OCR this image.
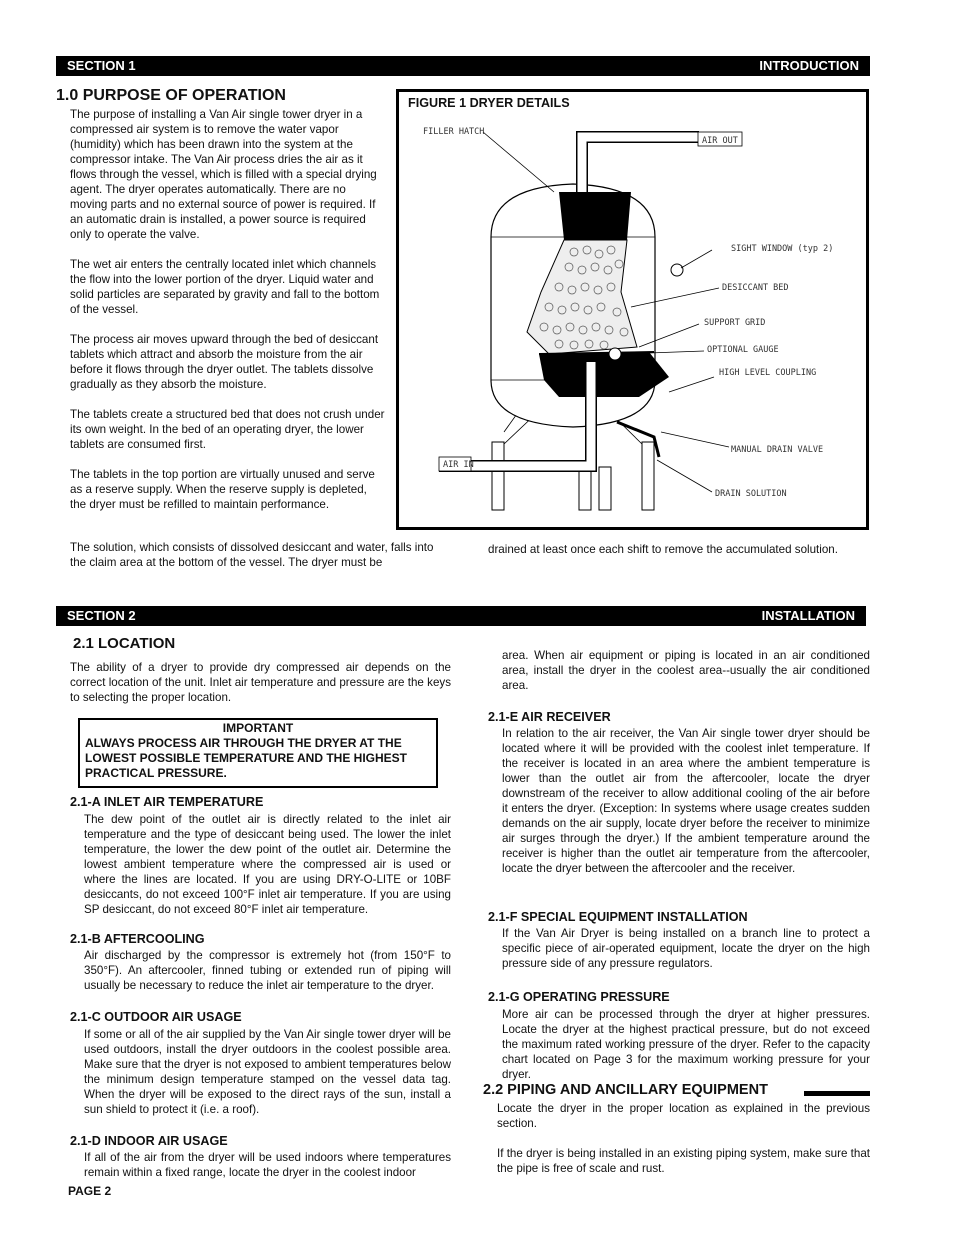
SECTION 1	INTRODUCTION
1.0 PURPOSE OF OPERATION

The purpose of installing a Van Air single tower dryer in a compressed air system is to remove the water vapor (humidity) which has been drawn into the system at the compressor intake. The Van Air process dries the air as it flows through the vessel, which is filled with a special drying agent. The dryer operates automatically. There are no moving parts and no external source of power is required. If an automatic drain is installed, a power source is required only to operate the valve.

The wet air enters the centrally located inlet which channels the flow into the lower portion of the dryer. Liquid water and solid particles are separated by gravity and fall to the bottom of the vessel.

The process air moves upward through the bed of desiccant tablets which attract and absorb the moisture from the air before it flows through the dryer outlet. The tablets dissolve gradually as they absorb the moisture.

The tablets create a structured bed that does not crush under its own weight. In the bed of an operating dryer, the lower tablets are consumed first.

The tablets in the top portion are virtually unused and serve as a reserve supply. When the reserve supply is depleted, the dryer must be refilled to maintain performance.

The solution, which consists of dissolved desiccant and water, falls into the claim area at the bottom of the vessel. The dryer must be
drained at least once each shift to remove the accumulated solution.
FIGURE 1 DRYER DETAILS
FILLER HATCH
AIR OUT
SIGHT WINDOW (typ 2)
DESICCANT BED
SUPPORT GRID
OPTIONAL GAUGE
HIGH LEVEL COUPLING
MANUAL DRAIN VALVE
AIR IN
DRAIN SOLUTION
SECTION 2	INSTALLATION
2.1 LOCATION
The ability of a dryer to provide dry compressed air depends on the correct location of the unit. Inlet air temperature and pressure are the keys to selecting the proper location.
IMPORTANT
ALWAYS PROCESS AIR THROUGH THE DRYER AT THE LOWEST POSSIBLE TEMPERATURE AND THE HIGHEST PRACTICAL PRESSURE.
2.1-A INLET AIR TEMPERATURE
The dew point of the outlet air is directly related to the inlet air temperature and the type of desiccant being used. The lower the inlet temperature, the lower the dew point of the outlet air. Determine the lowest ambient temperature where the compressed air is used or where the lines are located. If you are using DRY-O-LITE or 10BF desiccants, do not exceed 100°F inlet air temperature. If you are using SP desiccant, do not exceed 80°F inlet air temperature.
2.1-B AFTERCOOLING
Air discharged by the compressor is extremely hot (from 150°F to 350°F). An aftercooler, finned tubing or extended run of piping will usually be necessary to reduce the inlet air temperature to the dryer.
2.1-C OUTDOOR AIR USAGE
If some or all of the air supplied by the Van Air single tower dryer will be used outdoors, install the dryer outdoors in the coolest possible area. Make sure that the dryer is not exposed to ambient temperatures below the minimum design temperature stamped on the vessel data tag. When the dryer will be exposed to the direct rays of the sun, install a sun shield to protect it (i.e. a roof).
2.1-D INDOOR AIR USAGE
If all of the air from the dryer will be used indoors where temperatures remain within a fixed range, locate the dryer in the coolest indoor
PAGE 2
area. When air equipment or piping is located in an air conditioned area, install the dryer in the coolest area--usually the air conditioned area.
2.1-E AIR RECEIVER
In relation to the air receiver, the Van Air single tower dryer should be located where it will be provided with the coolest inlet temperature. If the receiver is located in an area where the ambient temperature is lower than the outlet air from the aftercooler, locate the dryer downstream of the receiver to allow additional cooling of the air before it enters the dryer. (Exception: In systems where usage creates sudden demands on the air supply, locate dryer before the receiver to minimize air surges through the dryer.) If the ambient temperature around the receiver is higher than the outlet air temperature from the aftercooler, locate the dryer between the aftercooler and the receiver.
2.1-F SPECIAL EQUIPMENT INSTALLATION
If the Van Air Dryer is being installed on a branch line to protect a specific piece of air-operated equipment, locate the dryer on the high pressure side of any pressure regulators.
2.1-G OPERATING PRESSURE
More air can be processed through the dryer at higher pressures. Locate the dryer at the highest practical pressure, but do not exceed the maximum rated working pressure of the dryer. Refer to the capacity chart located on Page 3 for the maximum working pressure for your dryer.
2.2 PIPING AND ANCILLARY EQUIPMENT
Locate the dryer in the proper location as explained in the previous section.
If the dryer is being installed in an existing piping system, make sure that the pipe is free of scale and rust.
